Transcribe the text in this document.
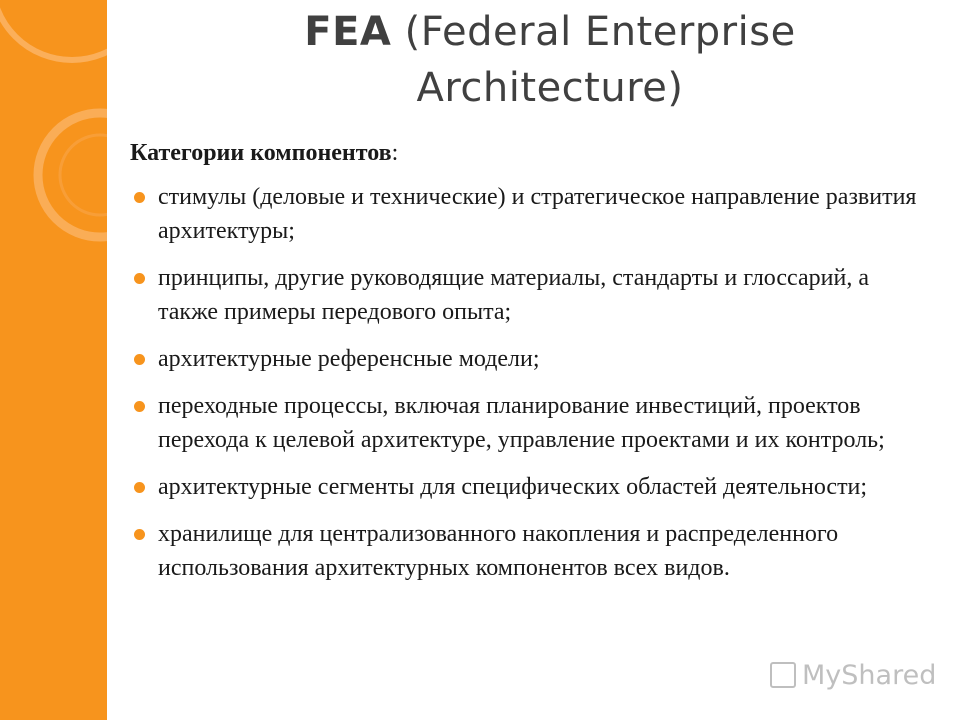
FEA (Federal Enterprise Architecture)
Категории компонентов:
стимулы (деловые и технические) и стратегическое направление развития архитектуры;
принципы, другие руководящие материалы, стандарты и глоссарий, а также примеры передового опыта;
архитектурные референсные модели;
переходные процессы, включая планирование инвестиций, проектов перехода к целевой архитектуре, управление проектами и их контроль;
архитектурные сегменты для специфических областей деятельности;
хранилище для централизованного накопления и распределенного использования архитектурных компонентов всех видов.
MyShared
